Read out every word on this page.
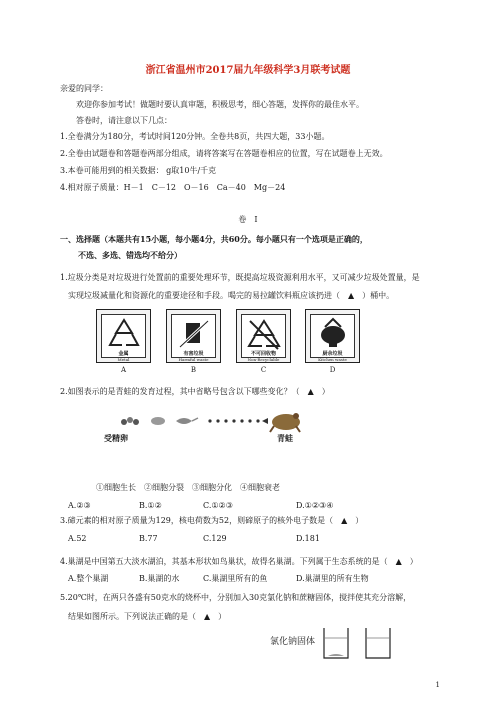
浙江省温州市2017届九年级科学3月联考试题
亲爱的同学：
欢迎你参加考试！做题时要认真审题，积极思考，细心答题，发挥你的最佳水平。
答卷时，请注意以下几点：
1.全卷满分为180分，考试时间120分钟。全卷共8页，共四大题，33小题。
2.全卷由试题卷和答题卷两部分组成，请将答案写在答题卷相应的位置，写在试题卷上无效。
3.本卷可能用到的相关数据： g取10牛/千克
4.相对原子质量：H－1　C－12　O－16　Ca－40　Mg－24
卷　I
一、选择题（本题共有15小题，每小题4分，共60分。每小题只有一个选项是正确的，
不选、多选、错选均不给分）
1.垃圾分类是对垃圾进行处置前的重要处理环节，既提高垃圾资源利用水平，又可减少垃圾处置量，是
实现垃圾减量化和资源化的重要途径和手段。喝完的易拉罐饮料瓶应该扔进（　▲　）桶中。
金属
Metal
A
有害垃圾
Harmful waste
B
不可回收物
Non-Recyclable
C
厨余垃圾
Kitchen waste
D
2.如图表示的是青蛙的发育过程，其中省略号包含以下哪些变化？（　▲　）
受精卵	青蛙
①细胞生长　②细胞分裂　③细胞分化　④细胞衰老
A.②③	B.①②	C.①②③	D.①②③④
3.碲元素的相对原子质量为129，核电荷数为52，则碲原子的核外电子数是（　▲　）
A.52	B.77	C.129	D.181
4.巢湖是中国第五大淡水湖泊，其基本形状如鸟巢状，故得名巢湖。下列属于生态系统的是（　▲　）
A.整个巢湖	B.巢湖的水	C.巢湖里所有的鱼	D.巢湖里的所有生物
5.20℃时，在两只各盛有50克水的烧杯中，分别加入30克氯化钠和蔗糖固体，搅拌使其充分溶解，
结果如图所示。下列说法正确的是（　▲　）
氯化钠固体
1
